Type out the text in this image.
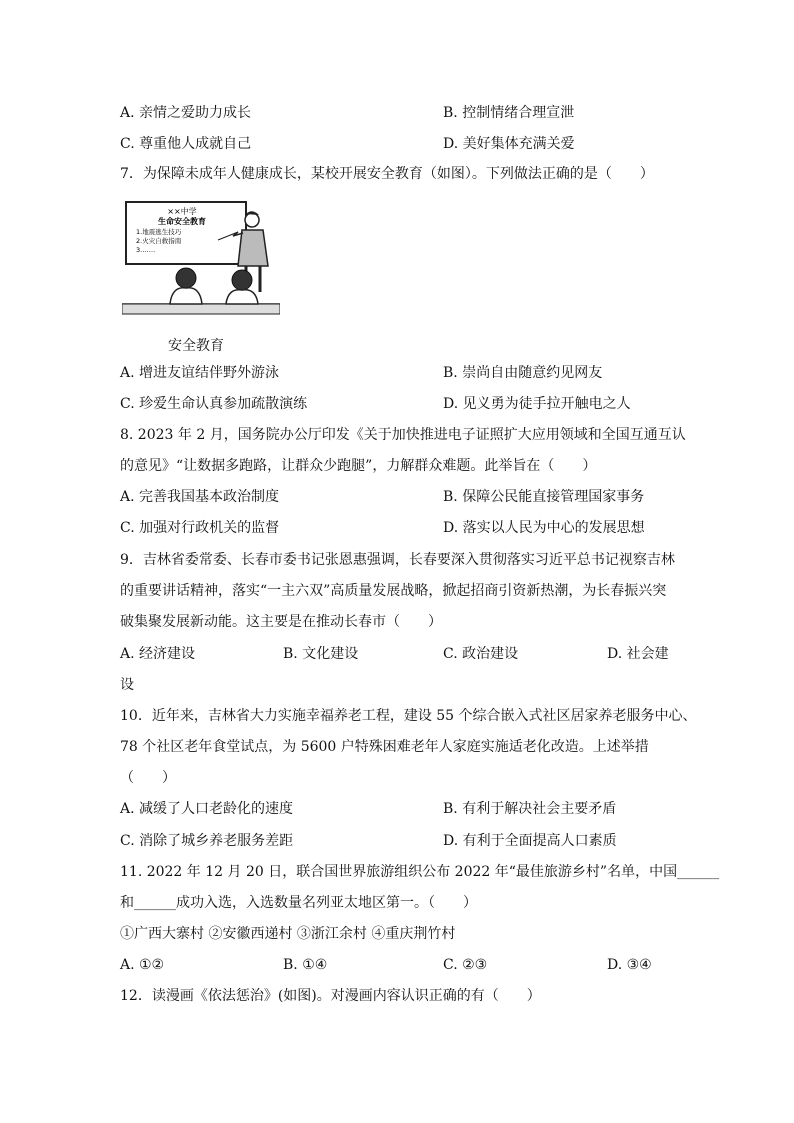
A. 亲情之爱助力成长	B. 控制情绪合理宣泄
C. 尊重他人成就自己	D. 美好集体充满关爱
7．为保障未成年人健康成长，某校开展安全教育（如图）。下列做法正确的是（　　）
××中学
生命安全教育
1.地震逃生技巧
2.火灾自救指南
3.……
安全教育
A. 增进友谊结伴野外游泳	B. 崇尚自由随意约见网友
C. 珍爱生命认真参加疏散演练	D. 见义勇为徒手拉开触电之人
8. 2023 年 2 月，国务院办公厅印发《关于加快推进电子证照扩大应用领域和全国互通互认
的意见》“让数据多跑路，让群众少跑腿”，力解群众难题。此举旨在（　　）
A. 完善我国基本政治制度	B. 保障公民能直接管理国家事务
C. 加强对行政机关的监督	D. 落实以人民为中心的发展思想
9．吉林省委常委、长春市委书记张恩惠强调，长春要深入贯彻落实习近平总书记视察吉林
的重要讲话精神，落实“一主六双”高质量发展战略，掀起招商引资新热潮，为长春振兴突
破集聚发展新动能。这主要是在推动长春市（　　）
A. 经济建设	B. 文化建设	C. 政治建设	D. 社会建
设
10．近年来，吉林省大力实施幸福养老工程，建设 55 个综合嵌入式社区居家养老服务中心、
78 个社区老年食堂试点，为 5600 户特殊困难老年人家庭实施适老化改造。上述举措
（　　）
A. 减缓了人口老龄化的速度	B. 有利于解决社会主要矛盾
C. 消除了城乡养老服务差距	D. 有利于全面提高人口素质
11. 2022 年 12 月 20 日，联合国世界旅游组织公布 2022 年“最佳旅游乡村”名单，中国______
和______成功入选，入选数量名列亚太地区第一。（　　）
①广西大寨村 ②安徽西递村 ③浙江余村 ④重庆荆竹村
A. ①②	B. ①④	C. ②③	D. ③④
12．读漫画《依法惩治》(如图)。对漫画内容认识正确的有（　　）
